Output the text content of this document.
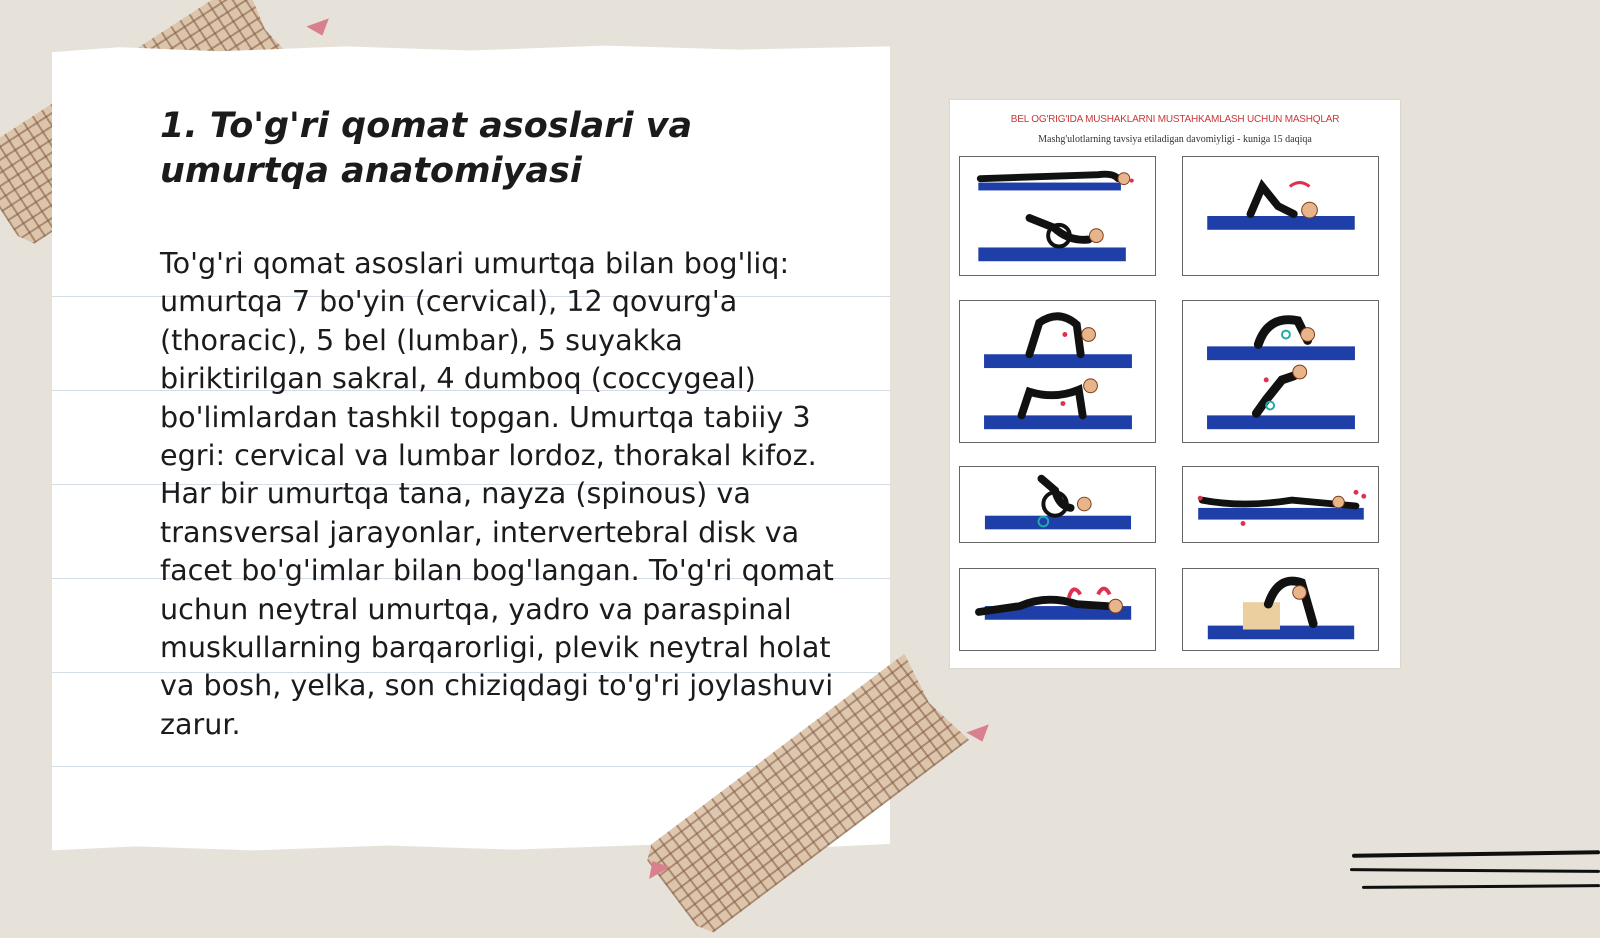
1. To'g'ri qomat asoslari va umurtqa anatomiyasi

To'g'ri qomat asoslari umurtqa bilan bog'liq: umurtqa 7 bo'yin (cervical), 12 qovurg'a (thoracic), 5 bel (lumbar), 5 suyakka biriktirilgan sakral, 4 dumboq (coccygeal) bo'limlardan tashkil topgan. Umurtqa tabiiy 3 egri: cervical va lumbar lordoz, thorakal kifoz. Har bir umurtqa tana, nayza (spinous) va transversal jarayonlar, intervertebral disk va facet bo'g'imlar bilan bog'langan. To'g'ri qomat uchun neytral umurtqa, yadro va paraspinal muskullarning barqarorligi, plevik neytral holat va bosh, yelka, son chiziqdagi to'g'ri joylashuvi zarur.

BEL OG'RIG'IDA MUSHAKLARNI MUSTAHKAMLASH UCHUN MASHQLAR
Mashg'ulotlarning tavsiya etiladigan davomiyligi - kuniga 15 daqiqa
